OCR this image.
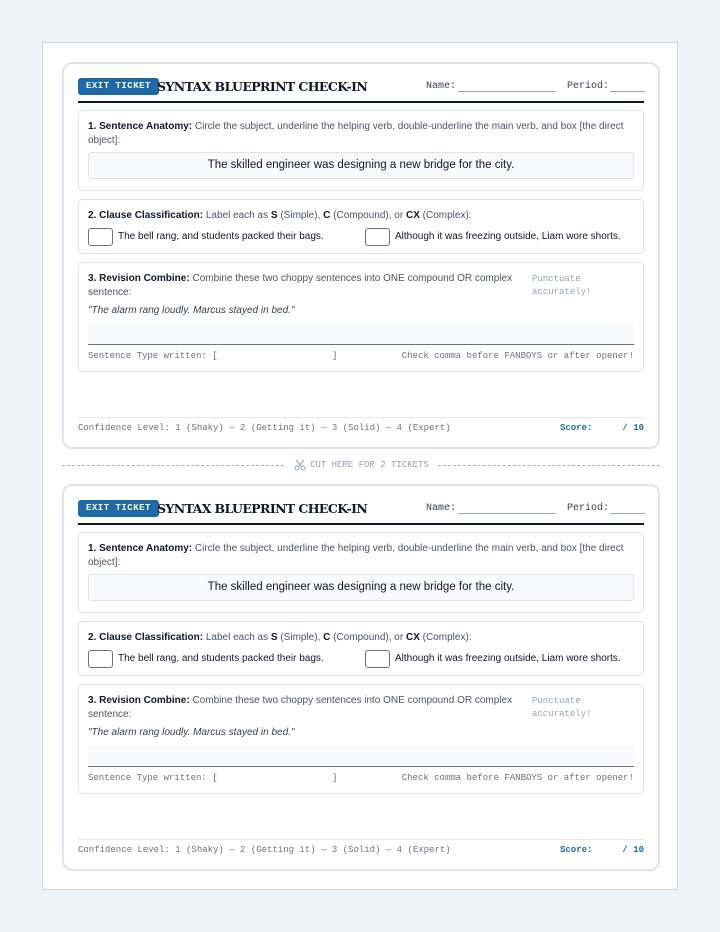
EXIT TICKET SYNTAX BLUEPRINT CHECK-IN	Name:	Period:
1. Sentence Anatomy: Circle the subject, underline the helping verb, double-underline the main verb, and box [the direct object]:
The skilled engineer was designing a new bridge for the city.
2. Clause Classification: Label each as S (Simple), C (Compound), or CX (Complex):
The bell rang, and students packed their bags.	Although it was freezing outside, Liam wore shorts.
3. Revision Combine: Combine these two choppy sentences into ONE compound OR complex sentence:
Punctuate
accurately!
"The alarm rang loudly. Marcus stayed in bed."
Sentence Type written: [	]	Check comma before FANBOYS or after opener!
Confidence Level: 1 (Shaky) — 2 (Getting it) — 3 (Solid) — 4 (Expert)	Score:	/ 10
CUT HERE FOR 2 TICKETS
EXIT TICKET SYNTAX BLUEPRINT CHECK-IN	Name:	Period:
1. Sentence Anatomy: Circle the subject, underline the helping verb, double-underline the main verb, and box [the direct object]:
The skilled engineer was designing a new bridge for the city.
2. Clause Classification: Label each as S (Simple), C (Compound), or CX (Complex):
The bell rang, and students packed their bags.	Although it was freezing outside, Liam wore shorts.
3. Revision Combine: Combine these two choppy sentences into ONE compound OR complex sentence:
Punctuate
accurately!
"The alarm rang loudly. Marcus stayed in bed."
Sentence Type written: [	]	Check comma before FANBOYS or after opener!
Confidence Level: 1 (Shaky) — 2 (Getting it) — 3 (Solid) — 4 (Expert)	Score:	/ 10
